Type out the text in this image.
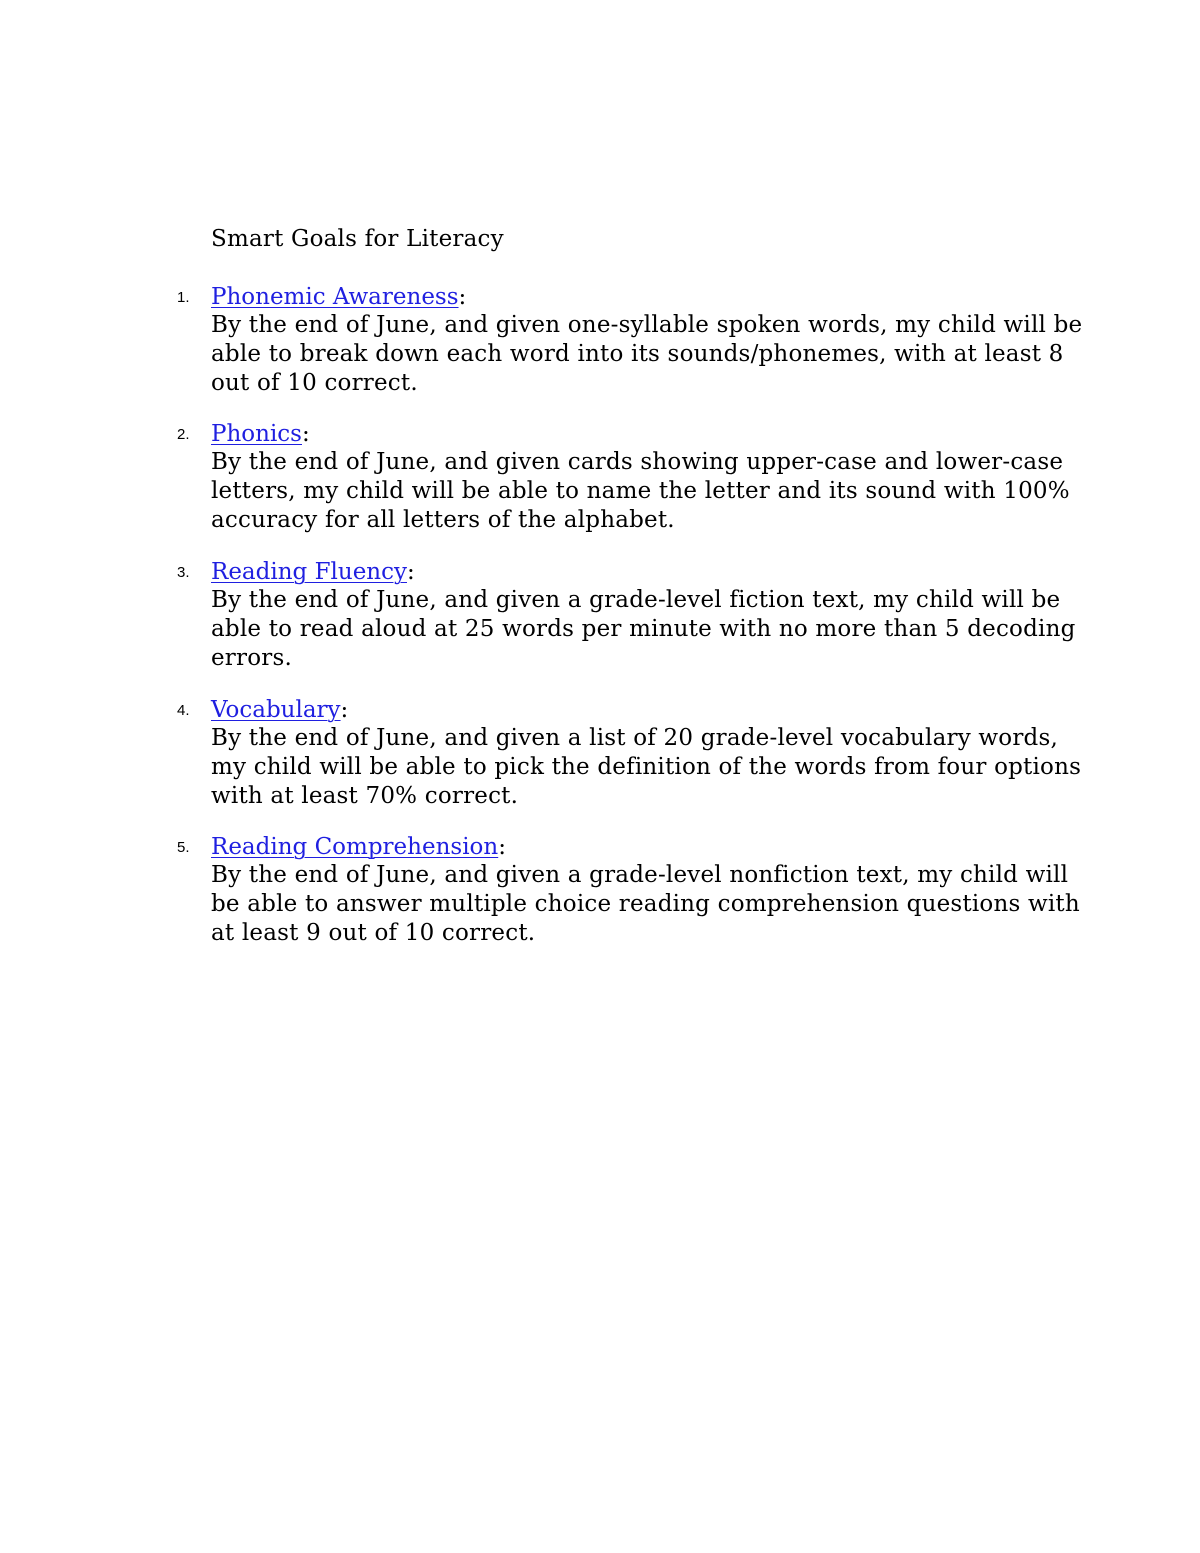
Smart Goals for Literacy
1. Phonemic Awareness:

By the end of June, and given one-syllable spoken words, my child will be
able to break down each word into its sounds/phonemes, with at least 8
out of 10 correct.

2. Phonics:

By the end of June, and given cards showing upper-case and lower-case
letters, my child will be able to name the letter and its sound with 100%
accuracy for all letters of the alphabet.

3. Reading Fluency:

By the end of June, and given a grade-level fiction text, my child will be
able to read aloud at 25 words per minute with no more than 5 decoding
errors.

4. Vocabulary:

By the end of June, and given a list of 20 grade-level vocabulary words,
my child will be able to pick the definition of the words from four options
with at least 70% correct.

5. Reading Comprehension:

By the end of June, and given a grade-level nonfiction text, my child will
be able to answer multiple choice reading comprehension questions with
at least 9 out of 10 correct.
